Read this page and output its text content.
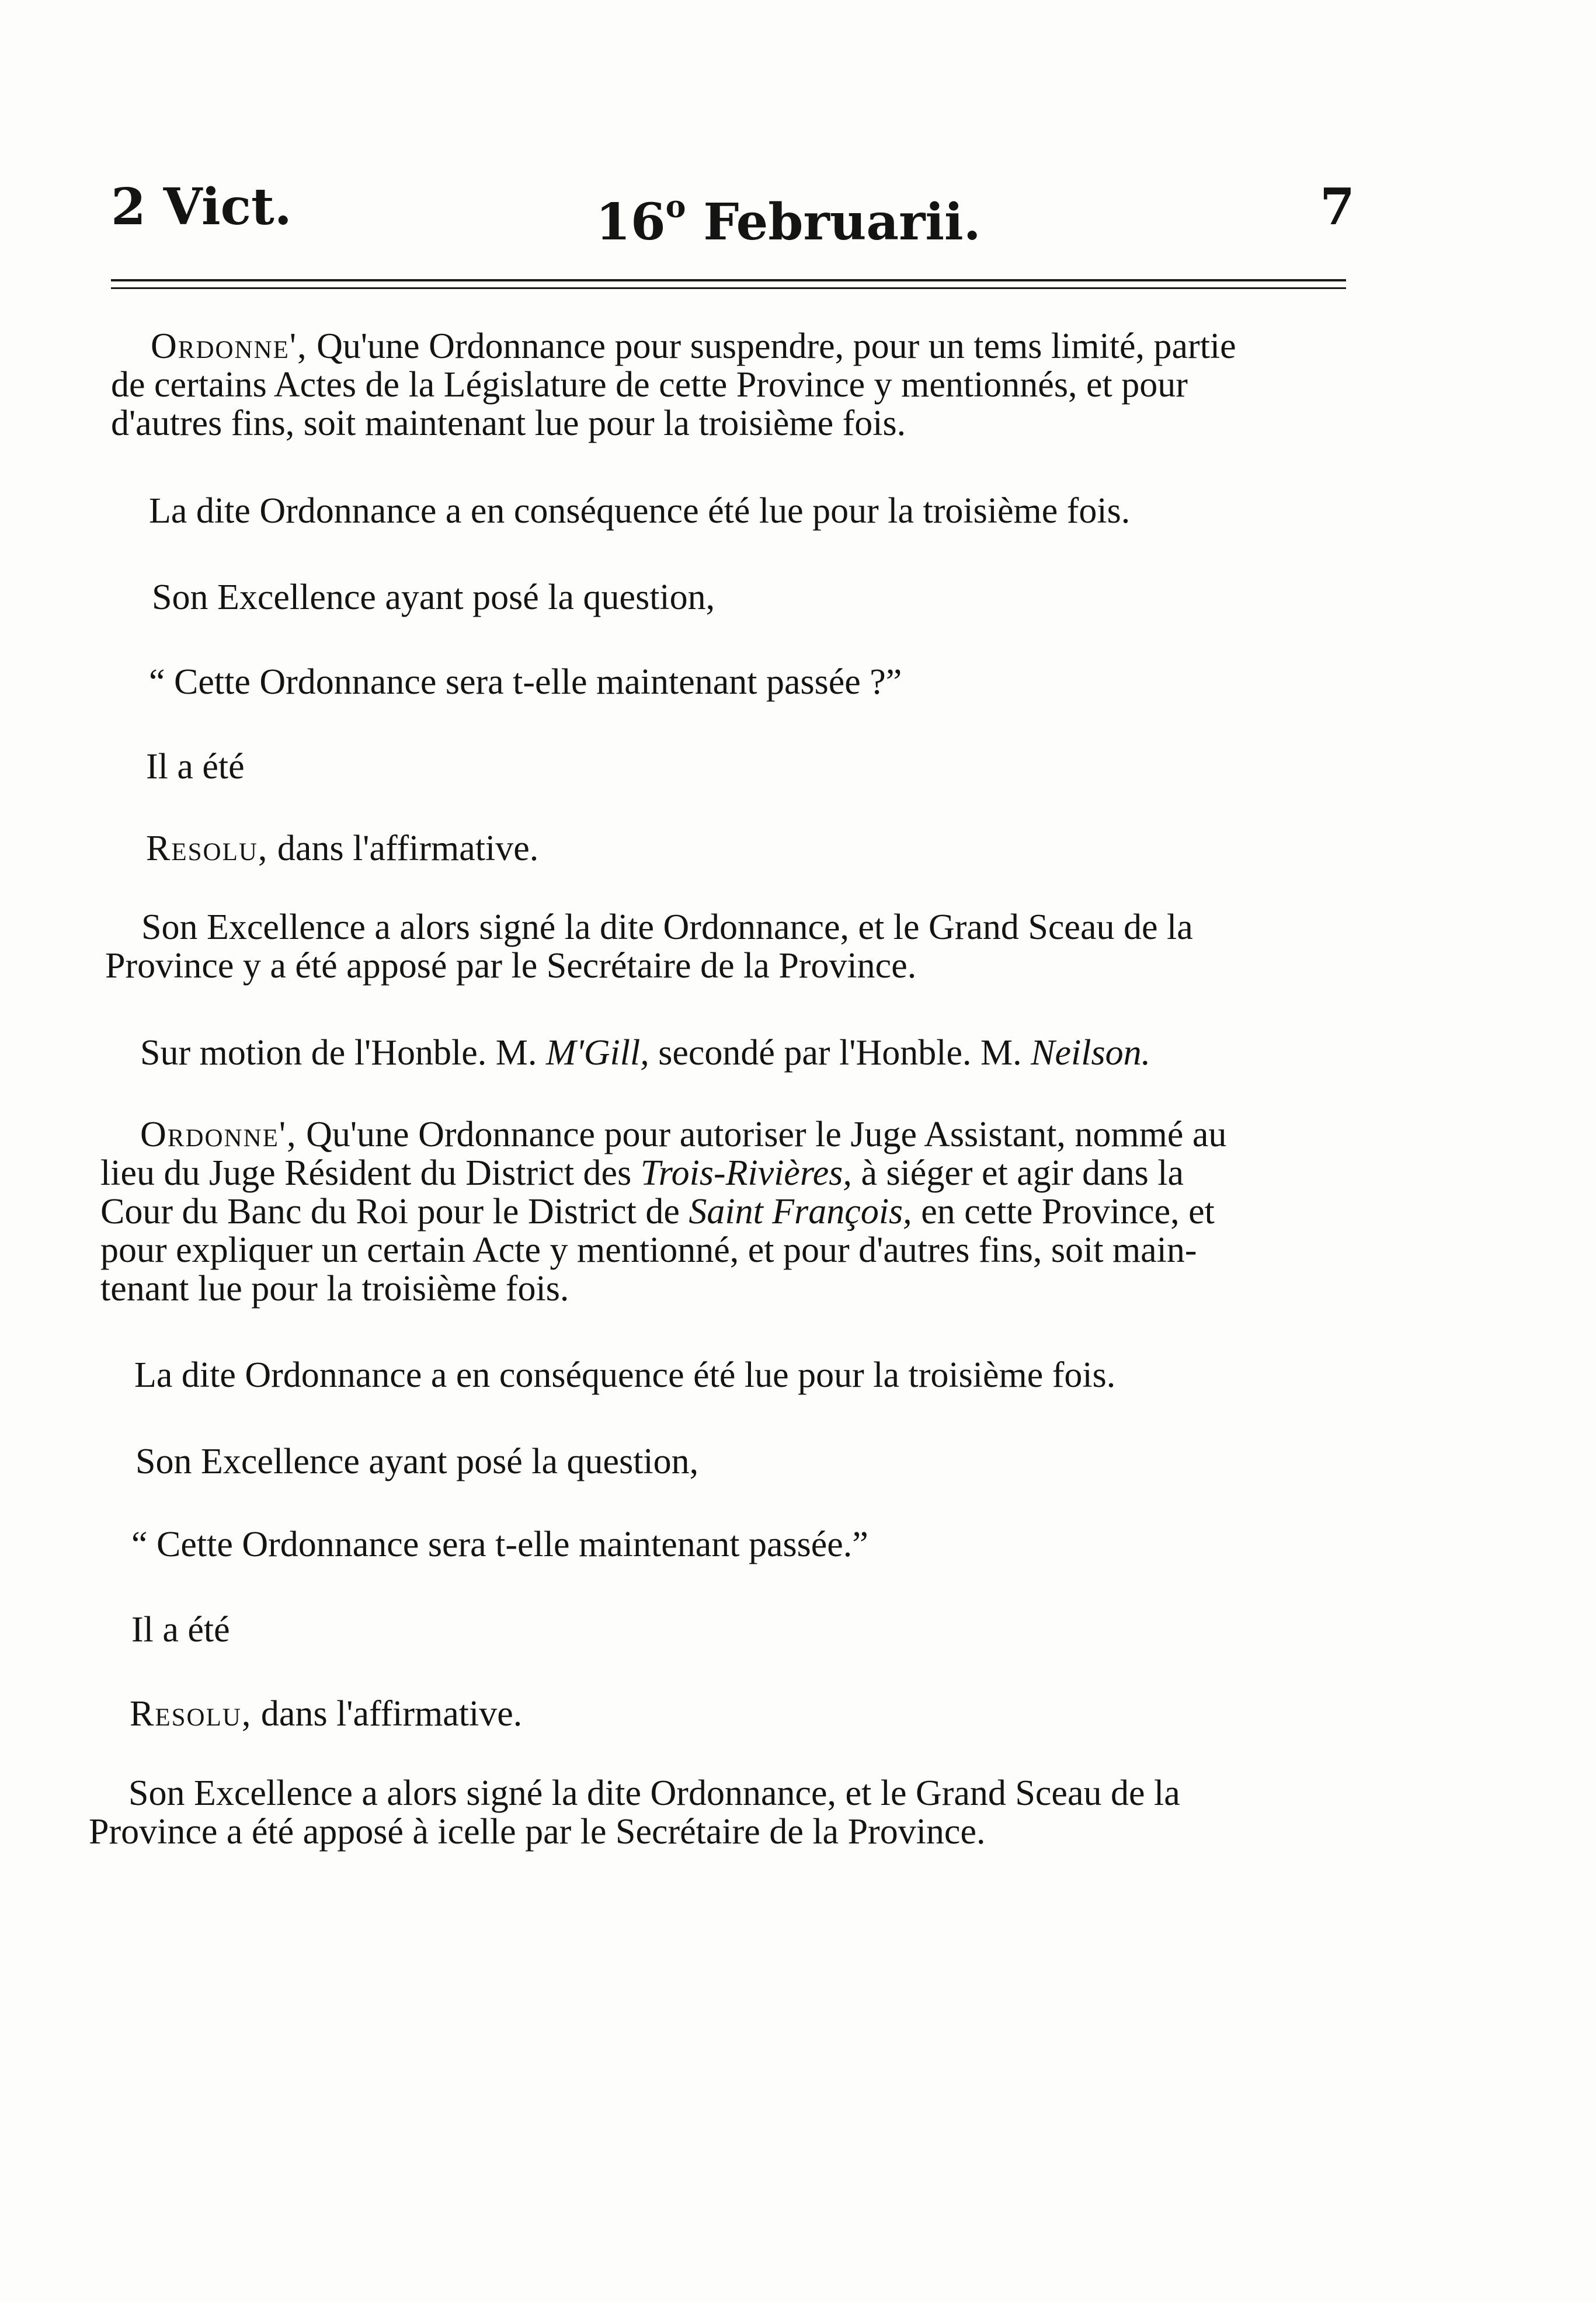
2 Vict.	16$^o$ Februarii.	7
Ordonne', Qu'une Ordonnance pour suspendre, pour un tems limité, partie
de certains Actes de la Législature de cette Province y mentionnés, et pour
d'autres fins, soit maintenant lue pour la troisième fois.
La dite Ordonnance a en conséquence été lue pour la troisième fois.
Son Excellence ayant posé la question,
“ Cette Ordonnance sera t-elle maintenant passée ?”
Il a été
Resolu, dans l'affirmative.
Son Excellence a alors signé la dite Ordonnance, et le Grand Sceau de la
Province y a été apposé par le Secrétaire de la Province.
Sur motion de l'Honble. M. M'Gill, secondé par l'Honble. M. Neilson.
Ordonne', Qu'une Ordonnance pour autoriser le Juge Assistant, nommé au
lieu du Juge Résident du District des Trois-Rivières, à siéger et agir dans la
Cour du Banc du Roi pour le District de Saint François, en cette Province, et
pour expliquer un certain Acte y mentionné, et pour d'autres fins, soit main-
tenant lue pour la troisième fois.
La dite Ordonnance a en conséquence été lue pour la troisième fois.
Son Excellence ayant posé la question,
“ Cette Ordonnance sera t-elle maintenant passée.”
Il a été
Resolu, dans l'affirmative.
Son Excellence a alors signé la dite Ordonnance, et le Grand Sceau de la
Province a été apposé à icelle par le Secrétaire de la Province.
